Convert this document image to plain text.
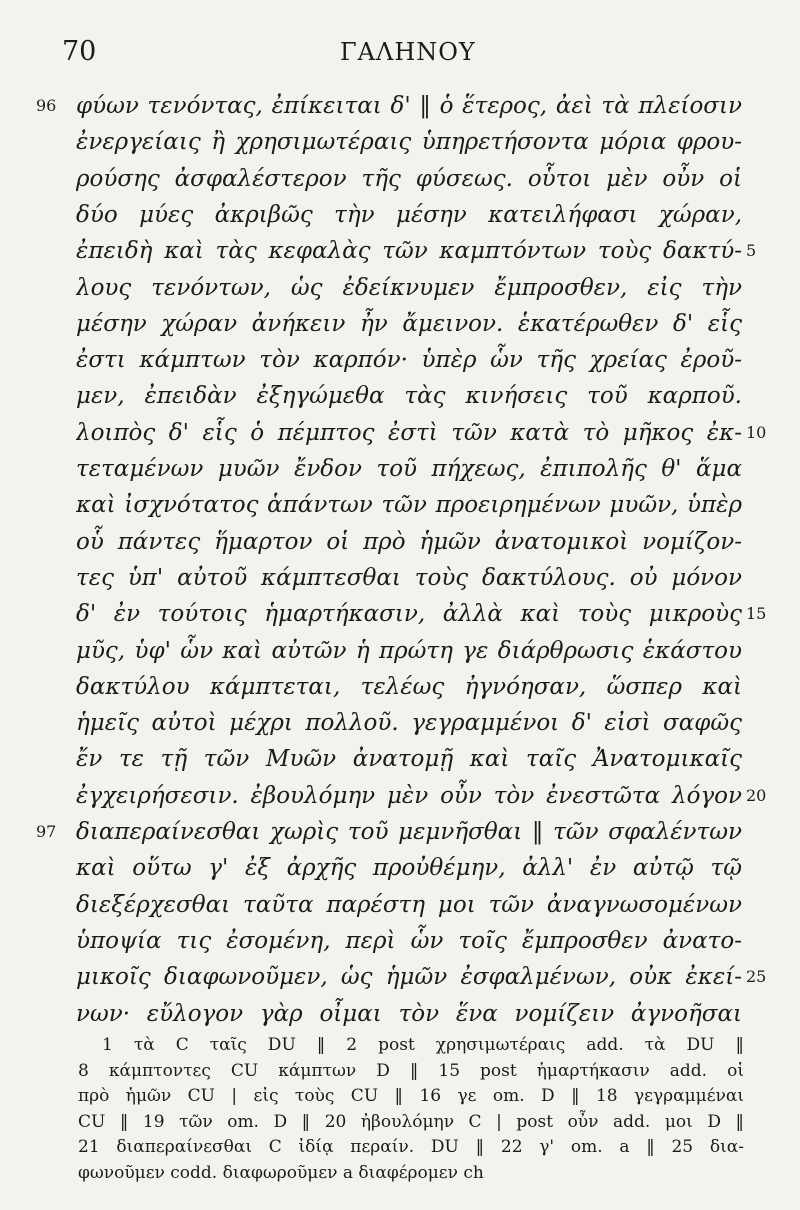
70	ΓΑΛΗΝΟΥ
96 φύων τενόντας, ἐπίκειται δ' ‖ ὁ ἕτερος, ἀεὶ τὰ πλείοσιν
ἐνεργείαις ἢ χρησιμωτέραις ὑπηρετήσοντα μόρια φρου-
ρούσης ἀσφαλέστερον τῆς φύσεως. οὗτοι μὲν οὖν οἱ
δύο μύες ἀκριβῶς τὴν μέσην κατειλήφασι χώραν,
ἐπειδὴ καὶ τὰς κεφαλὰς τῶν καμπτόντων τοὺς δακτύ- 5
λους τενόντων, ὡς ἐδείκνυμεν ἔμπροσθεν, εἰς τὴν
μέσην χώραν ἀνήκειν ἦν ἄμεινον. ἑκατέρωθεν δ' εἷς
ἐστι κάμπτων τὸν καρπόν· ὑπὲρ ὧν τῆς χρείας ἐροῦ-
μεν, ἐπειδὰν ἐξηγώμεθα τὰς κινήσεις τοῦ καρποῦ.
λοιπὸς δ' εἷς ὁ πέμπτος ἐστὶ τῶν κατὰ τὸ μῆκος ἐκ- 10
τεταμένων μυῶν ἔνδον τοῦ πήχεως, ἐπιπολῆς θ' ἅμα
καὶ ἰσχνότατος ἁπάντων τῶν προειρημένων μυῶν, ὑπὲρ
οὗ πάντες ἥμαρτον οἱ πρὸ ἡμῶν ἀνατομικοὶ νομίζον-
τες ὑπ' αὐτοῦ κάμπτεσθαι τοὺς δακτύλους. οὐ μόνον
δ' ἐν τούτοις ἡμαρτήκασιν, ἀλλὰ καὶ τοὺς μικροὺς 15
μῦς, ὑφ' ὧν καὶ αὐτῶν ἡ πρώτη γε διάρθρωσις ἑκάστου
δακτύλου κάμπτεται, τελέως ἠγνόησαν, ὥσπερ καὶ
ἡμεῖς αὐτοὶ μέχρι πολλοῦ. γεγραμμένοι δ' εἰσὶ σαφῶς
ἔν τε τῇ τῶν Μυῶν ἀνατομῇ καὶ ταῖς Ἀνατομικαῖς
ἐγχειρήσεσιν. ἐβουλόμην μὲν οὖν τὸν ἐνεστῶτα λόγον 20
97 διαπεραίνεσθαι χωρὶς τοῦ μεμνῆσθαι ‖ τῶν σφαλέντων
καὶ οὕτω γ' ἐξ ἀρχῆς προὐθέμην, ἀλλ' ἐν αὐτῷ τῷ
διεξέρχεσθαι ταῦτα παρέστη μοι τῶν ἀναγνωσομένων
ὑποψία τις ἐσομένη, περὶ ὧν τοῖς ἔμπροσθεν ἀνατο-
μικοῖς διαφωνοῦμεν, ὡς ἡμῶν ἐσφαλμένων, οὐκ ἐκεί- 25
νων· εὔλογον γὰρ οἶμαι τὸν ἕνα νομίζειν ἀγνοῆσαι
1 τὰ C ταῖς DU ‖ 2 post χρησιμωτέραις add. τὰ DU ‖
8 κάμπτοντες CU κάμπτων D ‖ 15 post ἡμαρτήκασιν add. οἱ
πρὸ ἡμῶν CU | εἰς τοὺς CU ‖ 16 γε om. D ‖ 18 γεγραμμέναι
CU ‖ 19 τῶν om. D ‖ 20 ἠβουλόμην C | post οὖν add. μοι D ‖
21 διαπεραίνεσθαι C ἰδίᾳ περαίν. DU ‖ 22 γ' om. a ‖ 25 δια-
φωνοῦμεν codd. διαφωροῦμεν a διαφέρομεν ch
